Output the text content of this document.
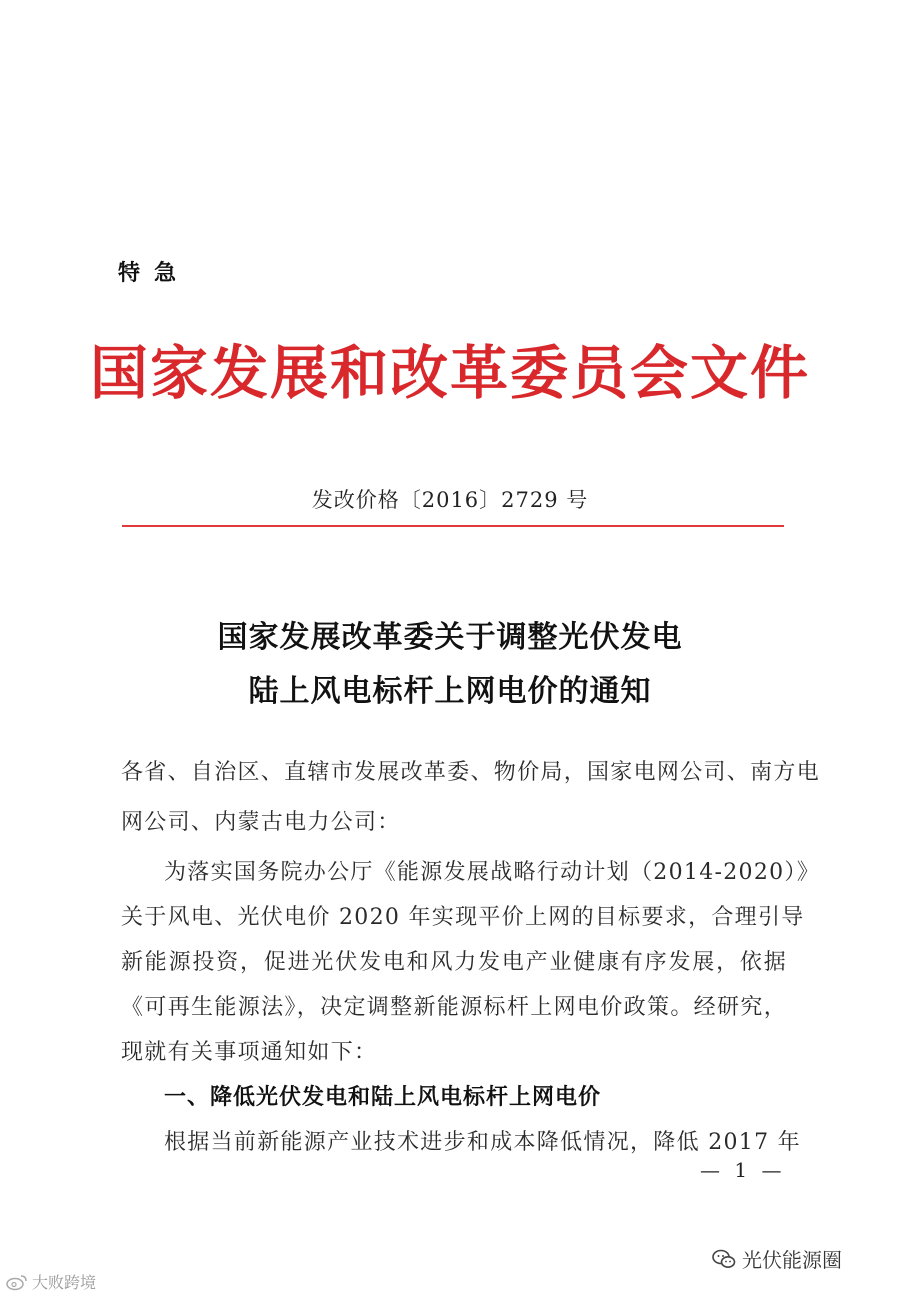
特急
国家发展和改革委员会文件
发改价格〔2016〕2729 号
国家发展改革委关于调整光伏发电
陆上风电标杆上网电价的通知
各省、自治区、直辖市发展改革委、物价局，国家电网公司、南方电
网公司、内蒙古电力公司：
为落实国务院办公厅《能源发展战略行动计划（2014-2020）》
关于风电、光伏电价 2020 年实现平价上网的目标要求，合理引导
新能源投资，促进光伏发电和风力发电产业健康有序发展，依据
《可再生能源法》，决定调整新能源标杆上网电价政策。经研究，
现就有关事项通知如下：
一、降低光伏发电和陆上风电标杆上网电价
根据当前新能源产业技术进步和成本降低情况，降低 2017 年
— 1 —
光伏能源圈
大败跨境
